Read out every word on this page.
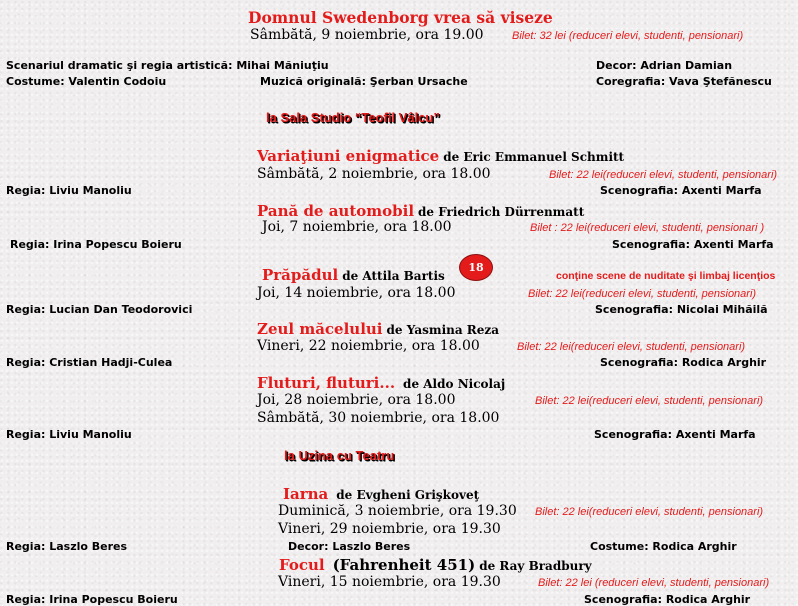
Domnul Swedenborg vrea să viseze
Sâmbătă, 9 noiembrie, ora 19.00	Bilet: 32 lei (reduceri elevi, studenti, pensionari)
Scenariul dramatic şi regia artistică: Mihai Măniuţiu	Decor: Adrian Damian
Costume: Valentin Codoiu	Muzică originală: Şerban Ursache	Coregrafia: Vava Ştefănescu
la Sala Studio “Teofil Vâlcu”
Variaţiuni enigmatice de Eric Emmanuel Schmitt
Sâmbătă, 2 noiembrie, ora 18.00	Bilet: 22 lei(reduceri elevi, studenti, pensionari)
Regia: Liviu Manoliu	Scenografia: Axenti Marfa
Pană de automobil de Friedrich Dürrenmatt
Joi, 7 noiembrie, ora 18.00	Bilet : 22 lei(reduceri elevi, studenti, pensionari )
Regia: Irina Popescu Boieru	Scenografia: Axenti Marfa
Prăpădul de Attila Bartis
18
conţine scene de nuditate şi limbaj licenţios
Joi, 14 noiembrie, ora 18.00	Bilet: 22 lei(reduceri elevi, studenti, pensionari)
Regia: Lucian Dan Teodorovici	Scenografia: Nicolai Mihăilă
Zeul măcelului de Yasmina Reza
Vineri, 22 noiembrie, ora 18.00	Bilet: 22 lei(reduceri elevi, studenti, pensionari)
Regia: Cristian Hadji-Culea	Scenografia: Rodica Arghir
Fluturi, fluturi... de Aldo Nicolaj
Joi, 28 noiembrie, ora 18.00	Bilet: 22 lei(reduceri elevi, studenti, pensionari)
Sâmbătă, 30 noiembrie, ora 18.00
Regia: Liviu Manoliu	Scenografia: Axenti Marfa
la Uzina cu Teatru
Iarna de Evgheni Grişkoveţ
Duminică, 3 noiembrie, ora 19.30 Bilet: 22 lei(reduceri elevi, studenti, pensionari)
Vineri, 29 noiembrie, ora 19.30
Regia: Laszlo Beres	Decor: Laszlo Beres	Costume: Rodica Arghir
Focul (Fahrenheit 451) de Ray Bradbury
Vineri, 15 noiembrie, ora 19.30	Bilet: 22 lei (reduceri elevi, studenti, pensionari)
Regia: Irina Popescu Boieru	Scenografia: Rodica Arghir
